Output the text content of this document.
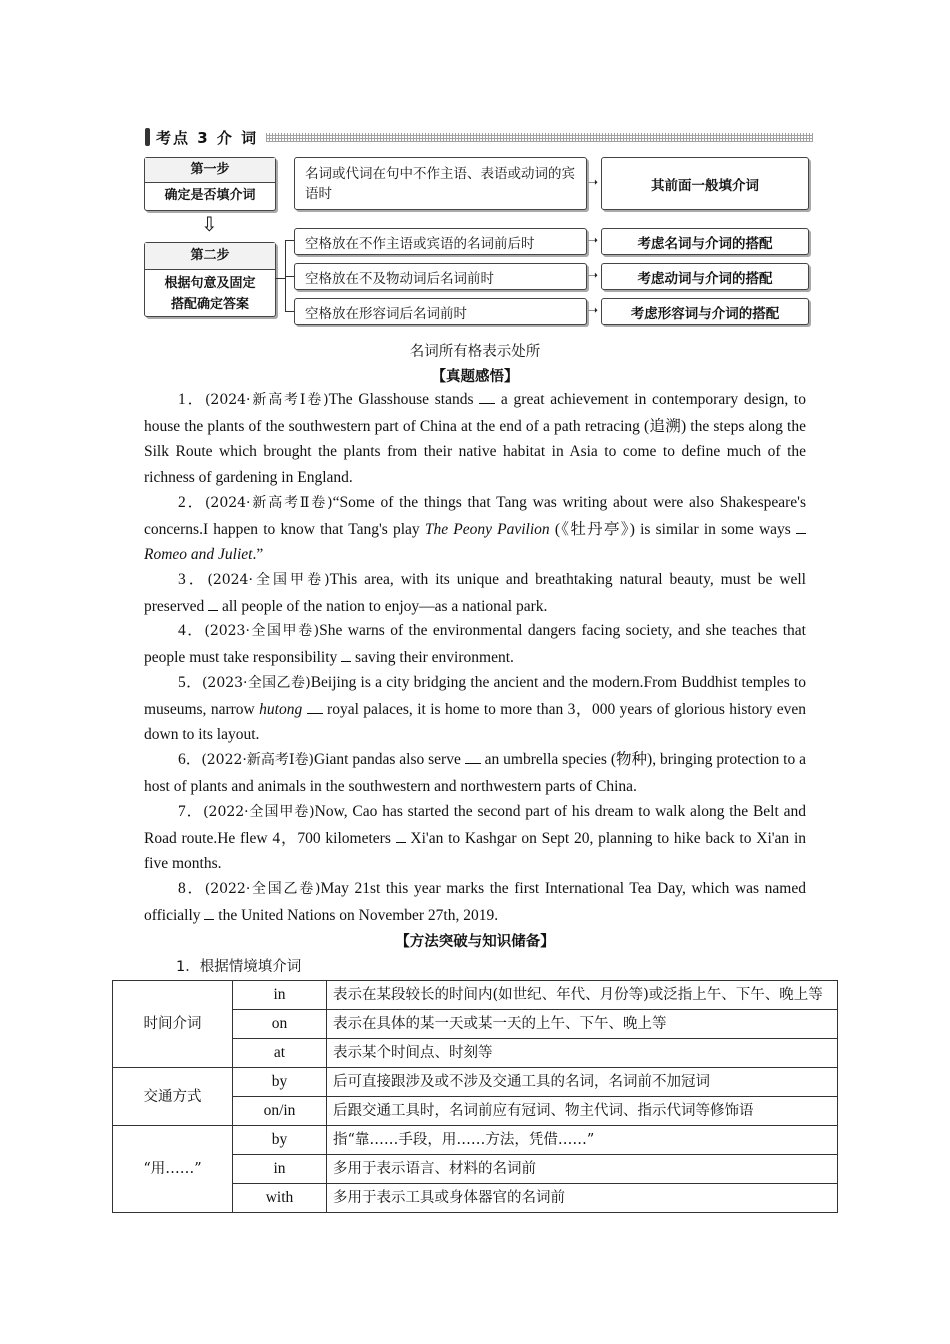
考点 3 介 词
第一步
确定是否填介词
名词或代词在句中不作主语、表语或动词的宾语时
➝	其前面一般填介词
⇩
第二步
根据句意及固定搭配确定答案
空格放在不作主语或宾语的名词前后时	➝	考虑名词与介词的搭配
空格放在不及物动词后名词前时	➝	考虑动词与介词的搭配
空格放在形容词后名词前时	➝	考虑形容词与介词的搭配
名词所有格表示处所
【真题感悟】
1．(2024·新高考Ⅰ卷)The Glasshouse stands  a great achievement in contemporary design, to house the plants of the southwestern part of China at the end of a path retracing (追溯) the steps along the Silk Route which brought the plants from their native habitat in Asia to come to define much of the richness of gardening in England.
2．(2024·新高考Ⅱ卷)“Some of the things that Tang was writing about were also Shakespeare's concerns.I happen to know that Tang's play The Peony Pavilion (《牡丹亭》) is similar in some ways  Romeo and Juliet.”
3．(2024·全国甲卷)This area, with its unique and breathtaking natural beauty, must be well preserved  all people of the nation to enjoy—as a national park.
4．(2023·全国甲卷)She warns of the environmental dangers facing society, and she teaches that people must take responsibility  saving their environment.
5．(2023·全国乙卷)Beijing is a city bridging the ancient and the modern.From Buddhist temples to museums, narrow hutong  royal palaces, it is home to more than 3，000 years of glorious history even down to its layout.
6．(2022·新高考Ⅰ卷)Giant pandas also serve  an umbrella species (物种), bringing protection to a host of plants and animals in the southwestern and northwestern parts of China.
7．(2022·全国甲卷)Now, Cao has started the second part of his dream to walk along the Belt and Road route.He flew 4，700 kilometers  Xi'an to Kashgar on Sept 20, planning to hike back to Xi'an in five months.
8．(2022·全国乙卷)May 21st this year marks the first International Tea Day, which was named officially  the United Nations on November 27th, 2019.
【方法突破与知识储备】
1．根据情境填介词
时间介词	in	表示在某段较长的时间内(如世纪、年代、月份等)或泛指上午、下午、晚上等
	on	表示在具体的某一天或某一天的上午、下午、晚上等
	at	表示某个时间点、时刻等
交通方式	by	后可直接跟涉及或不涉及交通工具的名词，名词前不加冠词
	on/in	后跟交通工具时，名词前应有冠词、物主代词、指示代词等修饰语
“用……”	by	指“靠……手段，用……方法，凭借……”
	in	多用于表示语言、材料的名词前
	with	多用于表示工具或身体器官的名词前
